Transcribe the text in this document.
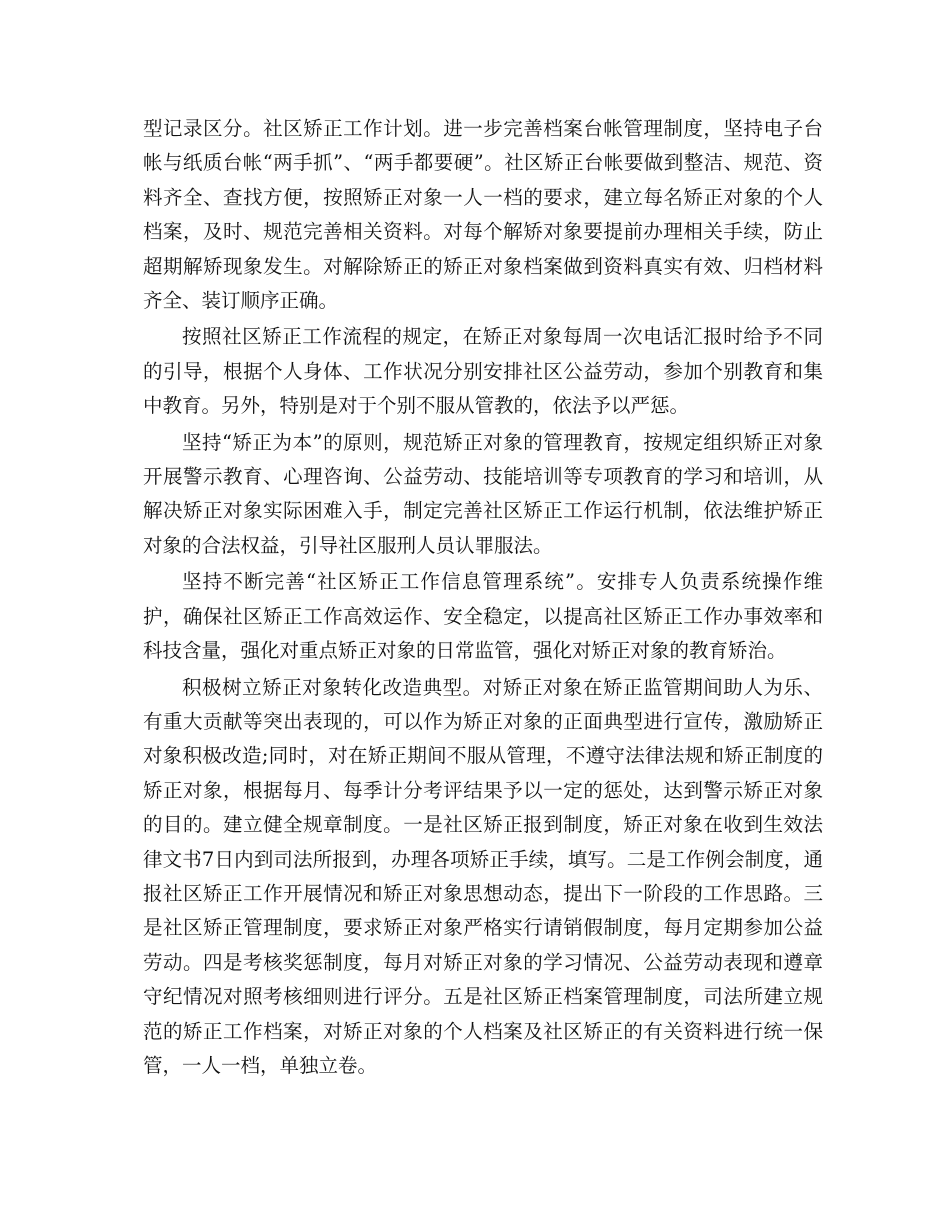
型记录区分。社区矫正工作计划。进一步完善档案台帐管理制度，坚持电子台帐与纸质台帐“两手抓”、“两手都要硬”。社区矫正台帐要做到整洁、规范、资料齐全、查找方便，按照矫正对象一人一档的要求，建立每名矫正对象的个人档案，及时、规范完善相关资料。对每个解矫对象要提前办理相关手续，防止超期解矫现象发生。对解除矫正的矫正对象档案做到资料真实有效、归档材料齐全、装订顺序正确。

按照社区矫正工作流程的规定，在矫正对象每周一次电话汇报时给予不同的引导，根据个人身体、工作状况分别安排社区公益劳动，参加个别教育和集中教育。另外，特别是对于个别不服从管教的，依法予以严惩。

坚持“矫正为本”的原则，规范矫正对象的管理教育，按规定组织矫正对象开展警示教育、心理咨询、公益劳动、技能培训等专项教育的学习和培训，从解决矫正对象实际困难入手，制定完善社区矫正工作运行机制，依法维护矫正对象的合法权益，引导社区服刑人员认罪服法。

坚持不断完善“社区矫正工作信息管理系统”。安排专人负责系统操作维护，确保社区矫正工作高效运作、安全稳定，以提高社区矫正工作办事效率和科技含量，强化对重点矫正对象的日常监管，强化对矫正对象的教育矫治。

积极树立矫正对象转化改造典型。对矫正对象在矫正监管期间助人为乐、有重大贡献等突出表现的，可以作为矫正对象的正面典型进行宣传，激励矫正对象积极改造;同时，对在矫正期间不服从管理，不遵守法律法规和矫正制度的矫正对象，根据每月、每季计分考评结果予以一定的惩处，达到警示矫正对象的目的。建立健全规章制度。一是社区矫正报到制度，矫正对象在收到生效法律文书7日内到司法所报到，办理各项矫正手续，填写。二是工作例会制度，通报社区矫正工作开展情况和矫正对象思想动态，提出下一阶段的工作思路。三是社区矫正管理制度，要求矫正对象严格实行请销假制度，每月定期参加公益劳动。四是考核奖惩制度，每月对矫正对象的学习情况、公益劳动表现和遵章守纪情况对照考核细则进行评分。五是社区矫正档案管理制度，司法所建立规范的矫正工作档案，对矫正对象的个人档案及社区矫正的有关资料进行统一保管，一人一档，单独立卷。
